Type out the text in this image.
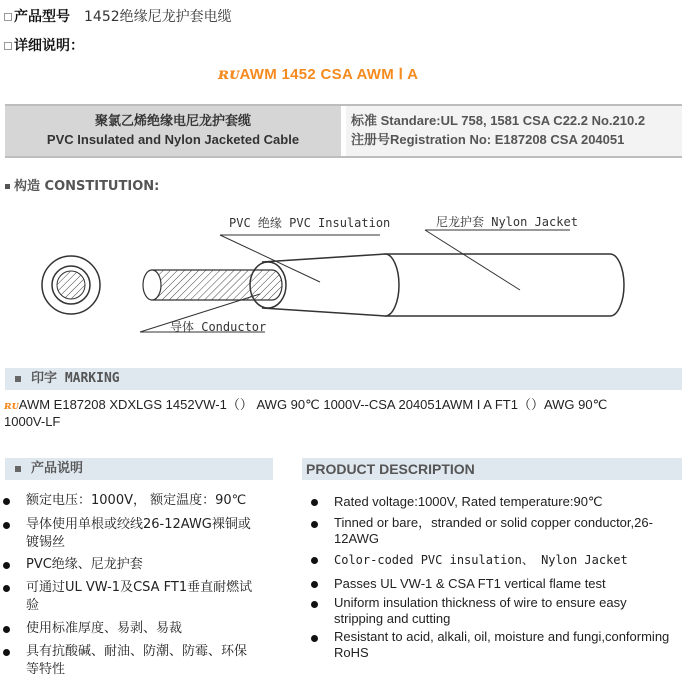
产品型号 1452绝缘尼龙护套电缆
详细说明：
ʀᴜAWM 1452 CSA AWM Ⅰ A
聚氯乙烯绝缘电尼龙护套缆
PVC Insulated and Nylon Jacketed Cable
标准 Standare:UL 758, 1581 CSA C22.2 No.210.2
注册号Registration No: E187208 CSA 204051
构造 CONSTITUTION:
PVC 绝缘 PVC Insulation	尼龙护套 Nylon Jacket
导体 Conductor
印字 MARKING
ʀᴜAWM E187208 XDXLGS 1452VW-1（） AWG 90℃ 1000V--CSA 204051AWM I A FT1（）AWG 90℃
1000V-LF
产品说明
额定电压：1000V， 额定温度：90℃
导体使用单根或绞线26-12AWG裸铜或镀锡丝
PVC绝缘、尼龙护套
可通过UL VW-1及CSA FT1垂直耐燃试验
使用标准厚度、易剥、易裁
具有抗酸碱、耐油、防潮、防霉、环保等特性
PRODUCT DESCRIPTION
Rated voltage:1000V, Rated temperature:90℃
Tinned or bare，stranded or solid copper conductor,26-12AWG
Color-coded PVC insulation、 Nylon Jacket
Passes UL VW-1 & CSA FT1 vertical flame test
Uniform insulation thickness of wire to ensure easy stripping and cutting
Resistant to acid, alkali, oil, moisture and fungi,conforming RoHS
